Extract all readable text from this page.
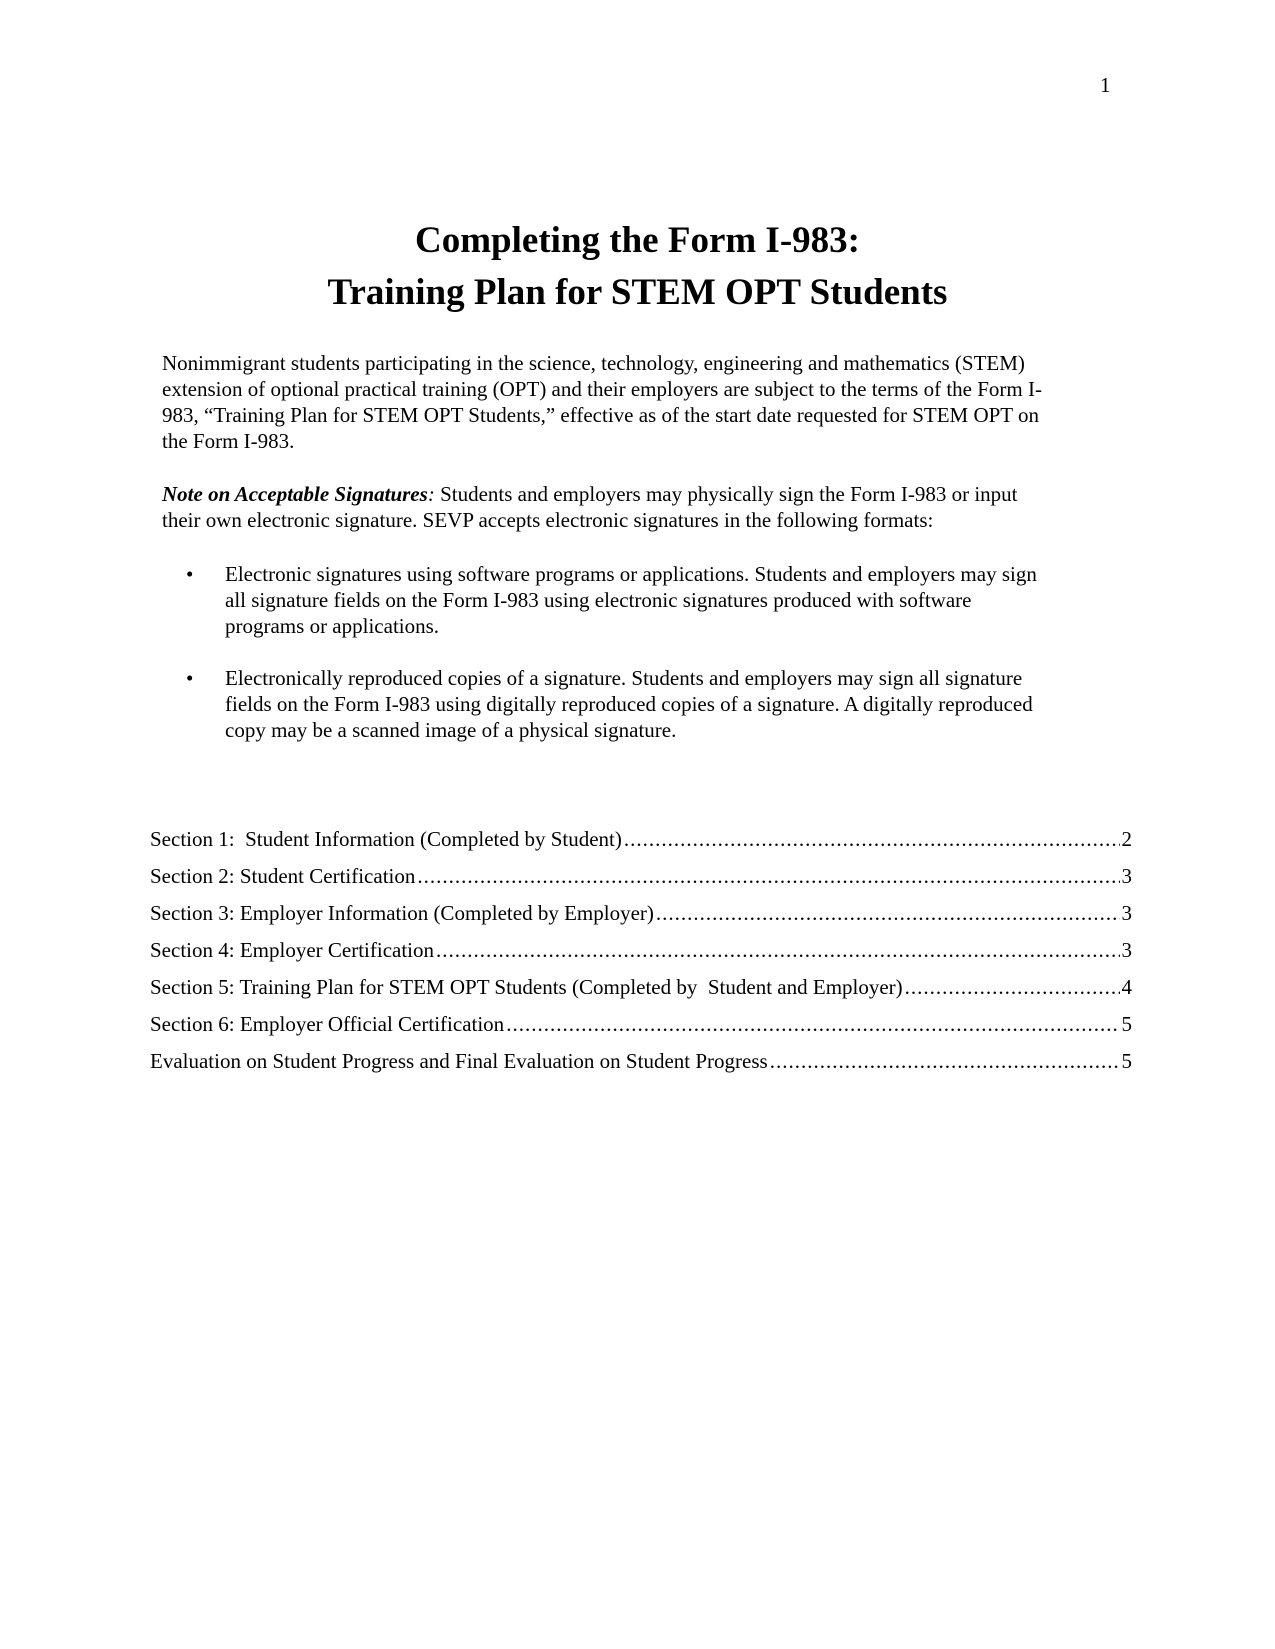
1
Completing the Form I-983:
Training Plan for STEM OPT Students

Nonimmigrant students participating in the science, technology, engineering and mathematics (STEM)
extension of optional practical training (OPT) and their employers are subject to the terms of the Form I-
983, “Training Plan for STEM OPT Students,” effective as of the start date requested for STEM OPT on
the Form I-983.

Note on Acceptable Signatures: Students and employers may physically sign the Form I-983 or input
their own electronic signature. SEVP accepts electronic signatures in the following formats:

• Electronic signatures using software programs or applications. Students and employers may sign
all signature fields on the Form I-983 using electronic signatures produced with software
programs or applications.
• Electronically reproduced copies of a signature. Students and employers may sign all signature
fields on the Form I-983 using digitally reproduced copies of a signature. A digitally reproduced
copy may be a scanned image of a physical signature.
Section 1:  Student Information (Completed by Student) .....	2
Section 2: Student Certification .....	3
Section 3: Employer Information (Completed by Employer) .....	3
Section 4: Employer Certification .....	3
Section 5: Training Plan for STEM OPT Students (Completed by  Student and Employer) .....	4
Section 6: Employer Official Certification .....	5
Evaluation on Student Progress and Final Evaluation on Student Progress .....	5
